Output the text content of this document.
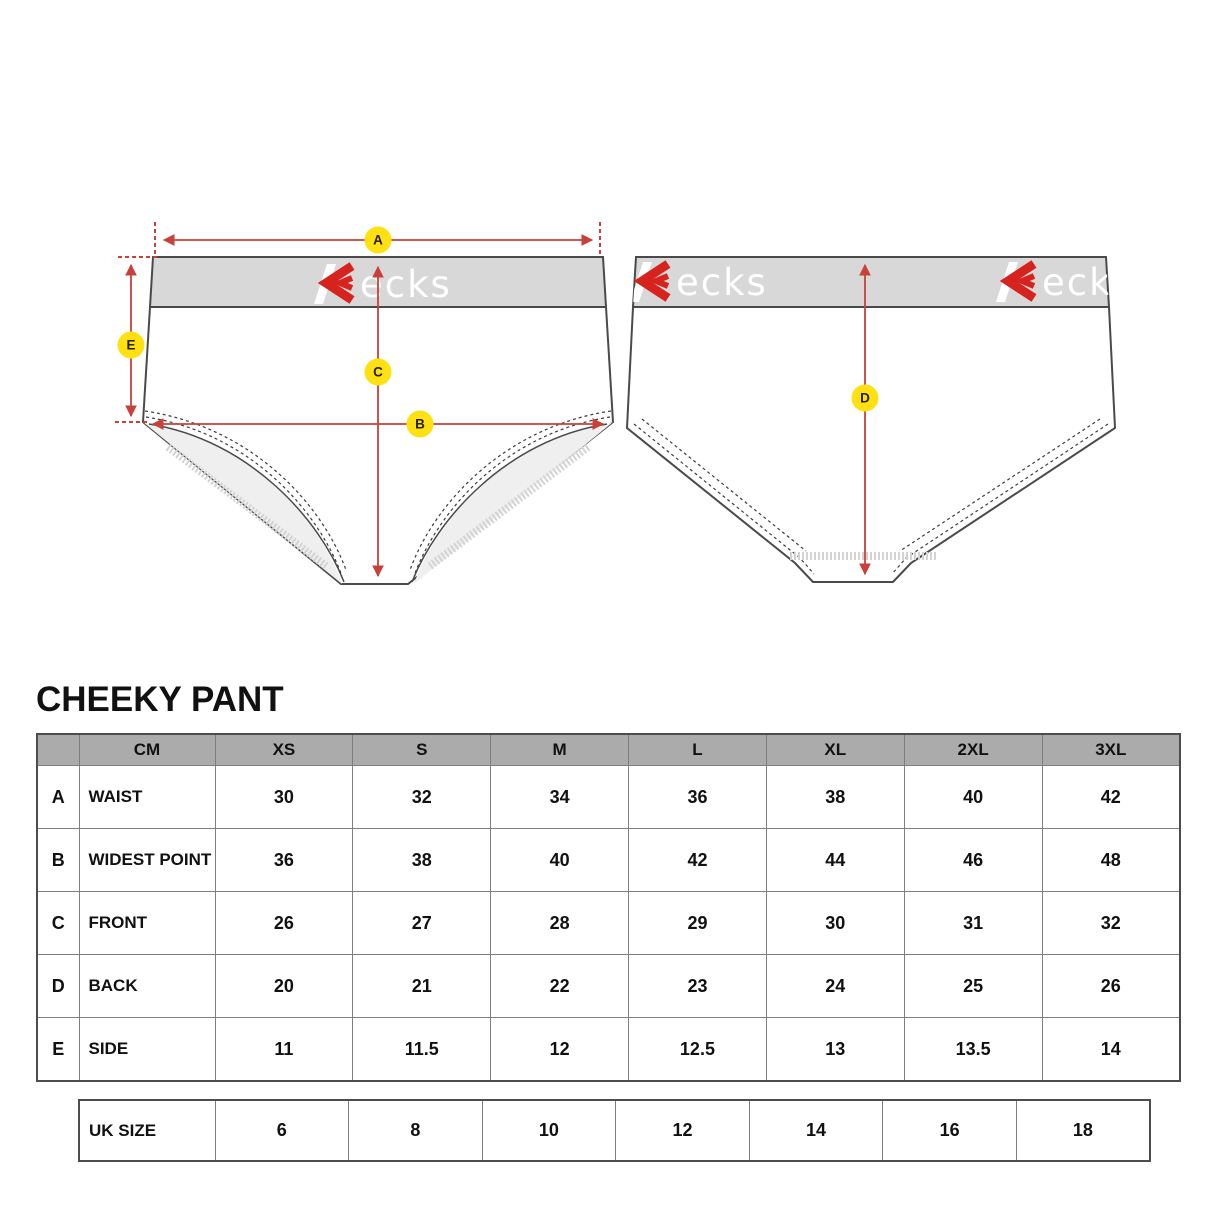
ecks
A
E
C
B
D
CHEEKY PANT
	CM	XS	S	M	L	XL	2XL	3XL
A	WAIST	30	32	34	36	38	40	42
B	WIDEST POINT	36	38	40	42	44	46	48
C	FRONT	26	27	28	29	30	31	32
D	BACK	20	21	22	23	24	25	26
E	SIDE	11	11.5	12	12.5	13	13.5	14
UK SIZE	6	8	10	12	14	16	18
